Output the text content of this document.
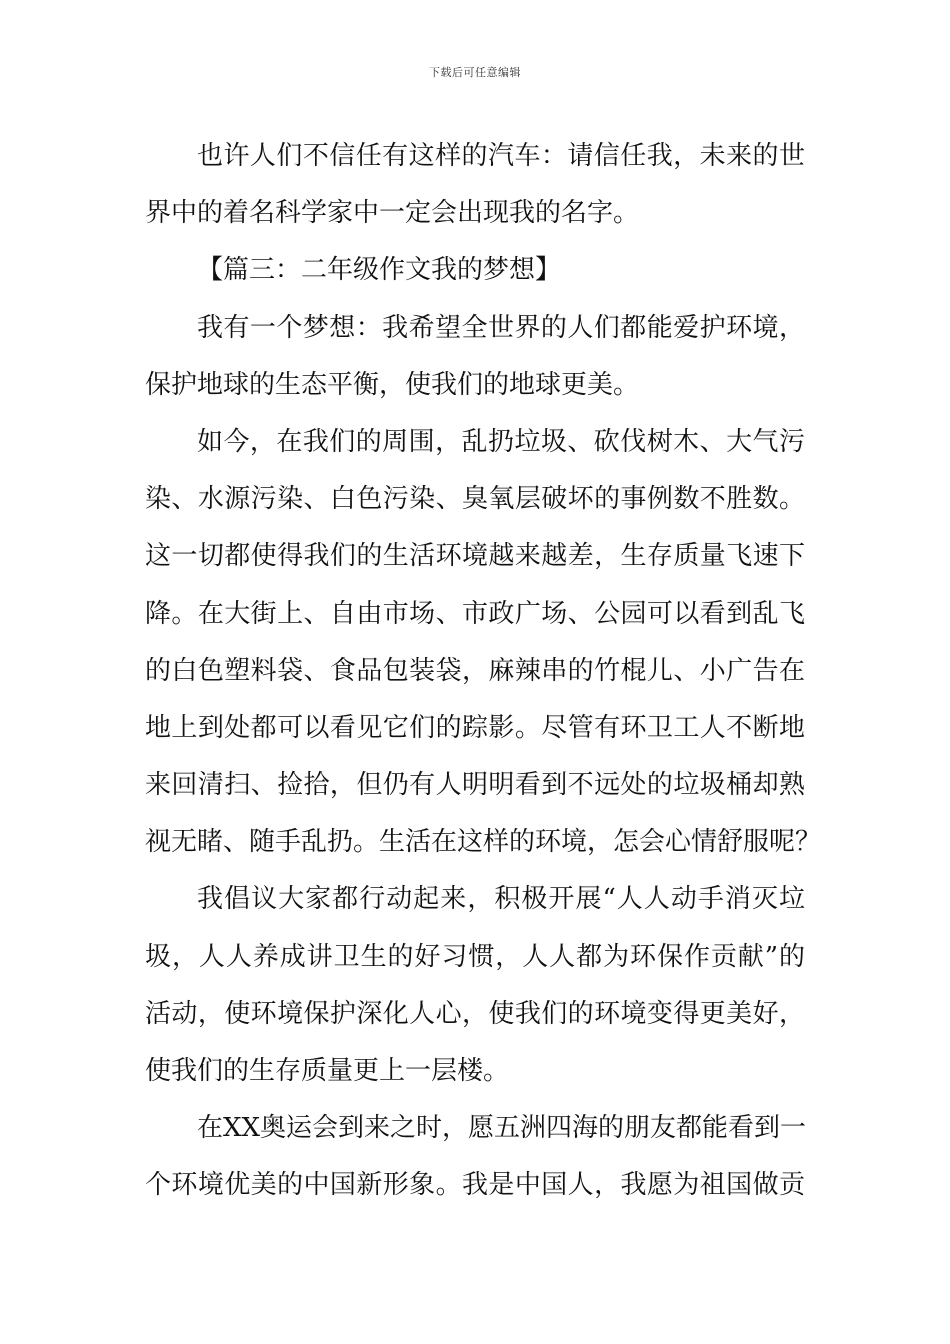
下载后可任意编辑
也许人们不信任有这样的汽车：请信任我，未来的世
界中的着名科学家中一定会出现我的名字。
【篇三：二年级作文我的梦想】
我有一个梦想：我希望全世界的人们都能爱护环境，
保护地球的生态平衡，使我们的地球更美。
如今，在我们的周围，乱扔垃圾、砍伐树木、大气污
染、水源污染、白色污染、臭氧层破坏的事例数不胜数。
这一切都使得我们的生活环境越来越差，生存质量飞速下
降。在大街上、自由市场、市政广场、公园可以看到乱飞
的白色塑料袋、食品包装袋，麻辣串的竹棍儿、小广告在
地上到处都可以看见它们的踪影。尽管有环卫工人不断地
来回清扫、捡拾，但仍有人明明看到不远处的垃圾桶却熟
视无睹、随手乱扔。生活在这样的环境，怎会心情舒服呢？
我倡议大家都行动起来，积极开展“人人动手消灭垃
圾，人人养成讲卫生的好习惯，人人都为环保作贡献”的
活动，使环境保护深化人心，使我们的环境变得更美好，
使我们的生存质量更上一层楼。
在XX奥运会到来之时，愿五洲四海的朋友都能看到一
个环境优美的中国新形象。我是中国人，我愿为祖国做贡
